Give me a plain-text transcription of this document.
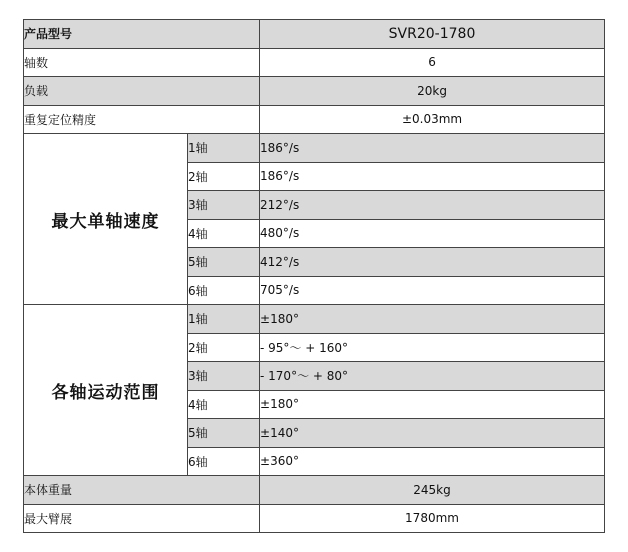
产品型号		SVR20-1780
轴数		6
负载		20kg
重复定位精度		±0.03mm
最大单轴速度	1轴	186°/s
	2轴	186°/s
	3轴	212°/s
	4轴	480°/s
	5轴	412°/s
	6轴	705°/s
各轴运动范围	1轴	±180°
	2轴	- 95°～ + 160°
	3轴	- 170°～ + 80°
	4轴	±180°
	5轴	±140°
	6轴	±360°
本体重量		245kg
最大臂展		1780mm
